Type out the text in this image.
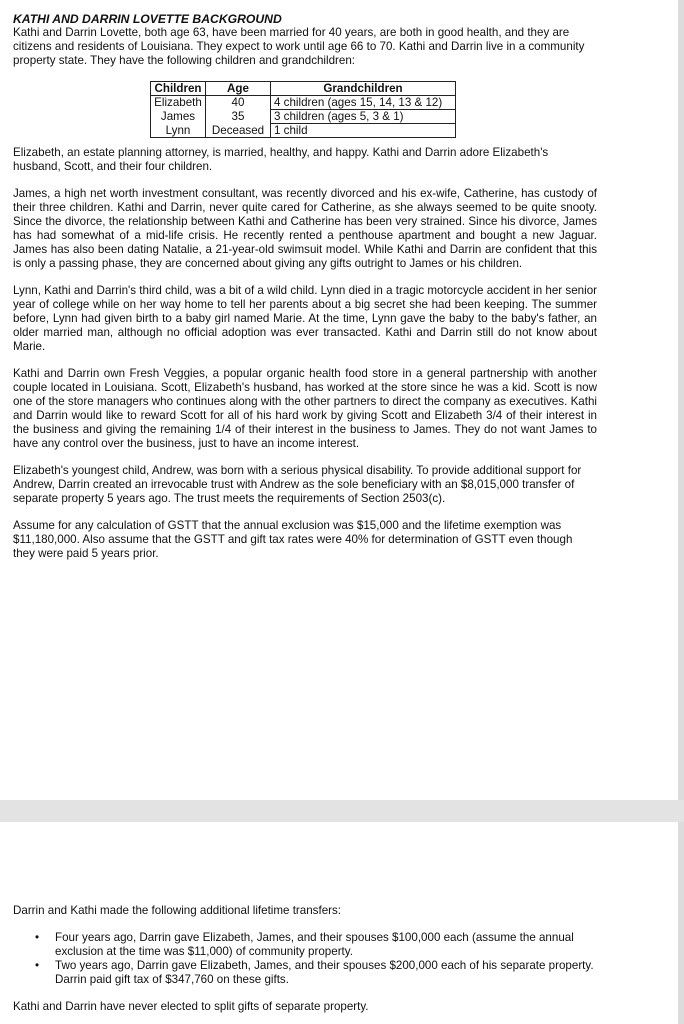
KATHI AND DARRIN LOVETTE BACKGROUND

Kathi and Darrin Lovette, both age 63, have been married for 40 years, are both in good health, and they are citizens and residents of Louisiana. They expect to work until age 66 to 70. Kathi and Darrin live in a community property state. They have the following children and grandchildren:

Children	Age	Grandchildren
Elizabeth	40	4 children (ages 15, 14, 13 & 12)
James	35	3 children (ages 5, 3 & 1)
Lynn	Deceased	1 child

Elizabeth, an estate planning attorney, is married, healthy, and happy. Kathi and Darrin adore Elizabeth's husband, Scott, and their four children.

James, a high net worth investment consultant, was recently divorced and his ex-wife, Catherine, has custody of their three children. Kathi and Darrin, never quite cared for Catherine, as she always seemed to be quite snooty. Since the divorce, the relationship between Kathi and Catherine has been very strained. Since his divorce, James has had somewhat of a mid-life crisis. He recently rented a penthouse apartment and bought a new Jaguar. James has also been dating Natalie, a 21-year-old swimsuit model. While Kathi and Darrin are confident that this is only a passing phase, they are concerned about giving any gifts outright to James or his children.

Lynn, Kathi and Darrin's third child, was a bit of a wild child. Lynn died in a tragic motorcycle accident in her senior year of college while on her way home to tell her parents about a big secret she had been keeping. The summer before, Lynn had given birth to a baby girl named Marie. At the time, Lynn gave the baby to the baby's father, an older married man, although no official adoption was ever transacted. Kathi and Darrin still do not know about Marie.

Kathi and Darrin own Fresh Veggies, a popular organic health food store in a general partnership with another couple located in Louisiana. Scott, Elizabeth's husband, has worked at the store since he was a kid. Scott is now one of the store managers who continues along with the other partners to direct the company as executives. Kathi and Darrin would like to reward Scott for all of his hard work by giving Scott and Elizabeth 3/4 of their interest in the business and giving the remaining 1/4 of their interest in the business to James. They do not want James to have any control over the business, just to have an income interest.

Elizabeth's youngest child, Andrew, was born with a serious physical disability. To provide additional support for Andrew, Darrin created an irrevocable trust with Andrew as the sole beneficiary with an $8,015,000 transfer of separate property 5 years ago. The trust meets the requirements of Section 2503(c).

Assume for any calculation of GSTT that the annual exclusion was $15,000 and the lifetime exemption was $11,180,000. Also assume that the GSTT and gift tax rates were 40% for determination of GSTT even though they were paid 5 years prior.

Darrin and Kathi made the following additional lifetime transfers:

• Four years ago, Darrin gave Elizabeth, James, and their spouses $100,000 each (assume the annual exclusion at the time was $11,000) of community property.
• Two years ago, Darrin gave Elizabeth, James, and their spouses $200,000 each of his separate property. Darrin paid gift tax of $347,760 on these gifts.

Kathi and Darrin have never elected to split gifts of separate property.
